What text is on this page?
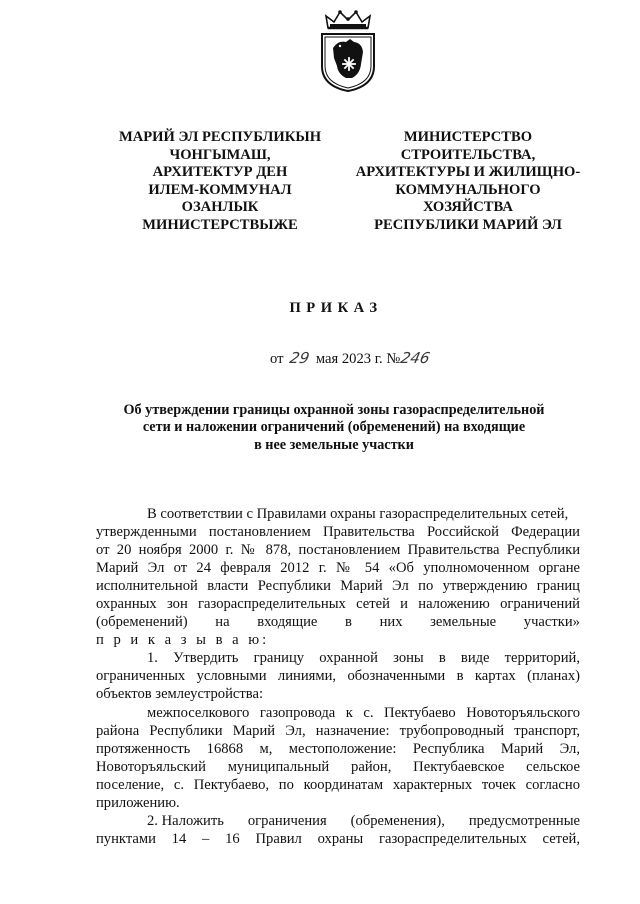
МАРИЙ ЭЛ РЕСПУБЛИКЫН
ЧОНГЫМАШ,
АРХИТЕКТУР ДЕН
ИЛЕМ-КОММУНАЛ
ОЗАНЛЫК
МИНИСТЕРСТВЫЖЕ
МИНИСТЕРСТВО
СТРОИТЕЛЬСТВА,
АРХИТЕКТУРЫ И ЖИЛИЩНО-
КОММУНАЛЬНОГО
ХОЗЯЙСТВА
РЕСПУБЛИКИ МАРИЙ ЭЛ
ПРИКАЗ
от 29 мая 2023 г. №246
Об утверждении границы охранной зоны газораспределительной
сети и наложении ограничений (обременений) на входящие
в нее земельные участки
В соответствии с Правилами охраны газораспределительных сетей,
утвержденными постановлением Правительства Российской Федерации
от 20 ноября 2000 г. № 878, постановлением Правительства Республики
Марий Эл от 24 февраля 2012 г. № 54 «Об уполномоченном органе
исполнительной власти Республики Марий Эл по утверждению границ
охранных зон газораспределительных сетей и наложению ограничений
(обременений) на входящие в них земельные участки»
п р и к а з ы в а ю:
1. Утвердить границу охранной зоны в виде территорий,
ограниченных условными линиями, обозначенными в картах (планах)
объектов землеустройства:
межпоселкового газопровода к с. Пектубаево Новоторъяльского
района Республики Марий Эл, назначение: трубопроводный транспорт,
протяженность 16868 м, местоположение: Республика Марий Эл,
Новоторъяльский муниципальный район, Пектубаевское сельское
поселение, с. Пектубаево, по координатам характерных точек согласно
приложению.
2. Наложить ограничения (обременения), предусмотренные
пунктами 14 – 16 Правил охраны газораспределительных сетей,
